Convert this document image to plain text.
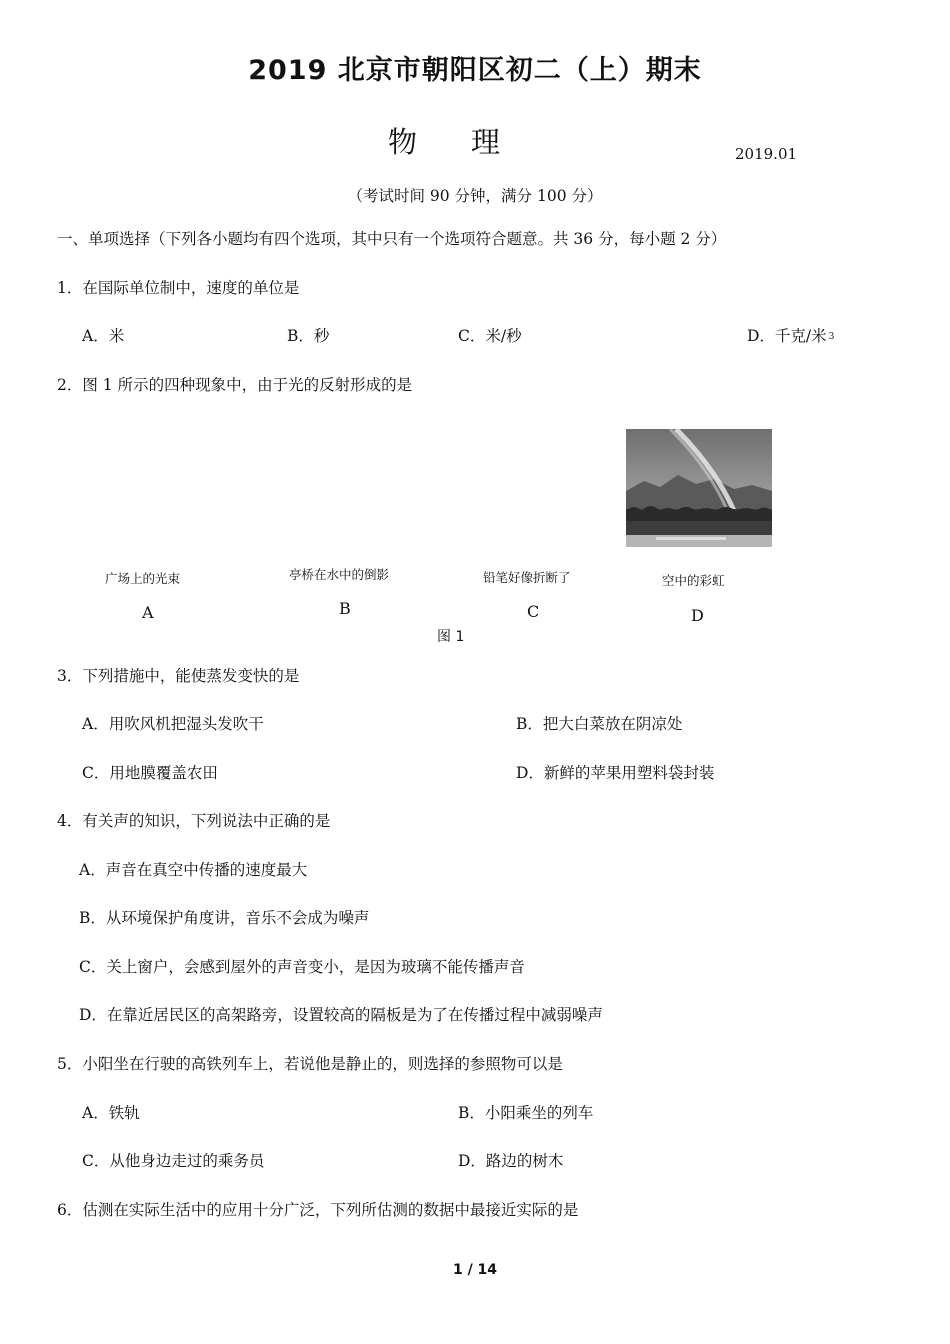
2019 北京市朝阳区初二（上）期末
物理	2019.01
（考试时间 90 分钟，满分 100 分）
一、单项选择（下列各小题均有四个选项，其中只有一个选项符合题意。共 36 分，每小题 2 分）
1．在国际单位制中，速度的单位是
A．米	B．秒	C．米/秒	D．千克/米 $^3$
2．图 1 所示的四种现象中，由于光的反射形成的是
广场上的光束	亭桥在水中的倒影	铅笔好像折断了	空中的彩虹
A	B	C	D
图 1
3．下列措施中，能使蒸发变快的是
A．用吹风机把湿头发吹干	B．把大白菜放在阴凉处
C．用地膜覆盖农田	D．新鲜的苹果用塑料袋封装
4．有关声的知识，下列说法中正确的是
A．声音在真空中传播的速度最大
B．从环境保护角度讲，音乐不会成为噪声
C．关上窗户，会感到屋外的声音变小，是因为玻璃不能传播声音
D．在靠近居民区的高架路旁，设置较高的隔板是为了在传播过程中减弱噪声
5．小阳坐在行驶的高铁列车上，若说他是静止的，则选择的参照物可以是
A．铁轨	B．小阳乘坐的列车
C．从他身边走过的乘务员	D．路边的树木
6．估测在实际生活中的应用十分广泛，下列所估测的数据中最接近实际的是
1 / 14
